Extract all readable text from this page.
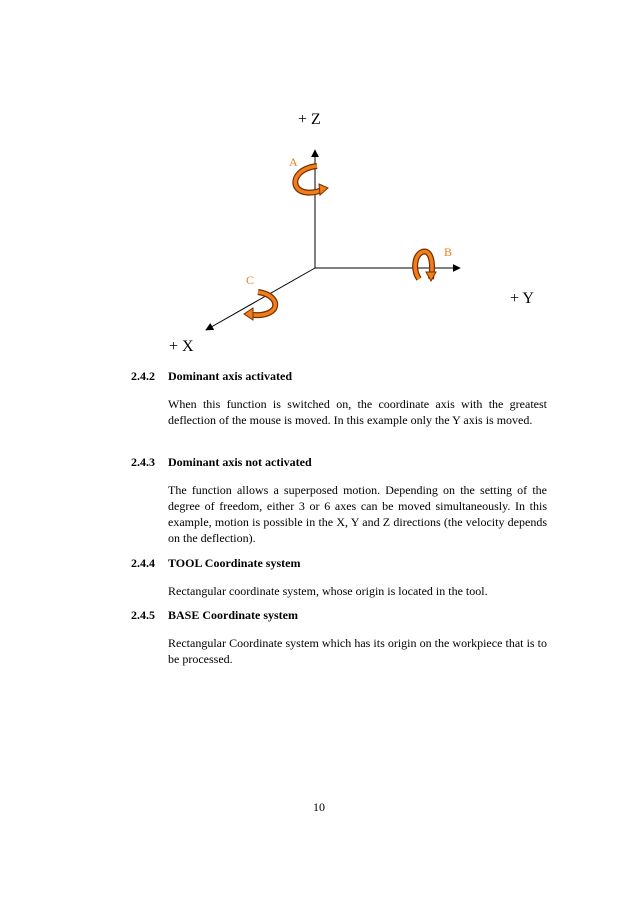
+ Z
+ Y
+ X
A
B
C
2.4.2	Dominant axis activated
When this function is switched on, the coordinate axis with the greatest deflection of the mouse is moved. In this example only the Y axis is moved.
2.4.3	Dominant axis not activated
The function allows a superposed motion. Depending on the setting of the degree of freedom, either 3 or 6 axes can be moved simultaneously. In this example, motion is possible in the X, Y and Z directions (the velocity depends on the deflection).
2.4.4	TOOL Coordinate system
Rectangular coordinate system, whose origin is located in the tool.
2.4.5	BASE Coordinate system
Rectangular Coordinate system which has its origin on the workpiece that is to be processed.
10
